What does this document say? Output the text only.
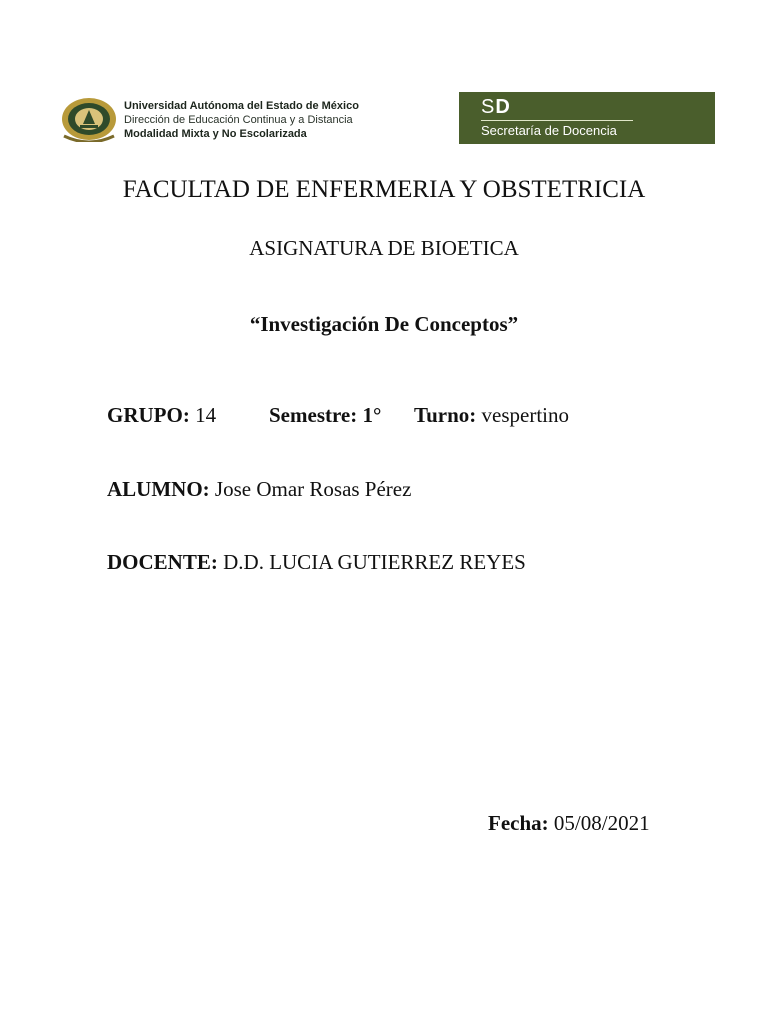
Universidad Autónoma del Estado de México
Dirección de Educación Continua y a Distancia
Modalidad Mixta y No Escolarizada
SD
Secretaría de Docencia
FACULTAD DE ENFERMERIA Y OBSTETRICIA
ASIGNATURA DE BIOETICA
“Investigación De Conceptos”
GRUPO: 14	Semestre: 1° Turno: vespertino
ALUMNO: Jose Omar Rosas Pérez
DOCENTE: D.D. LUCIA GUTIERREZ REYES
Fecha: 05/08/2021
